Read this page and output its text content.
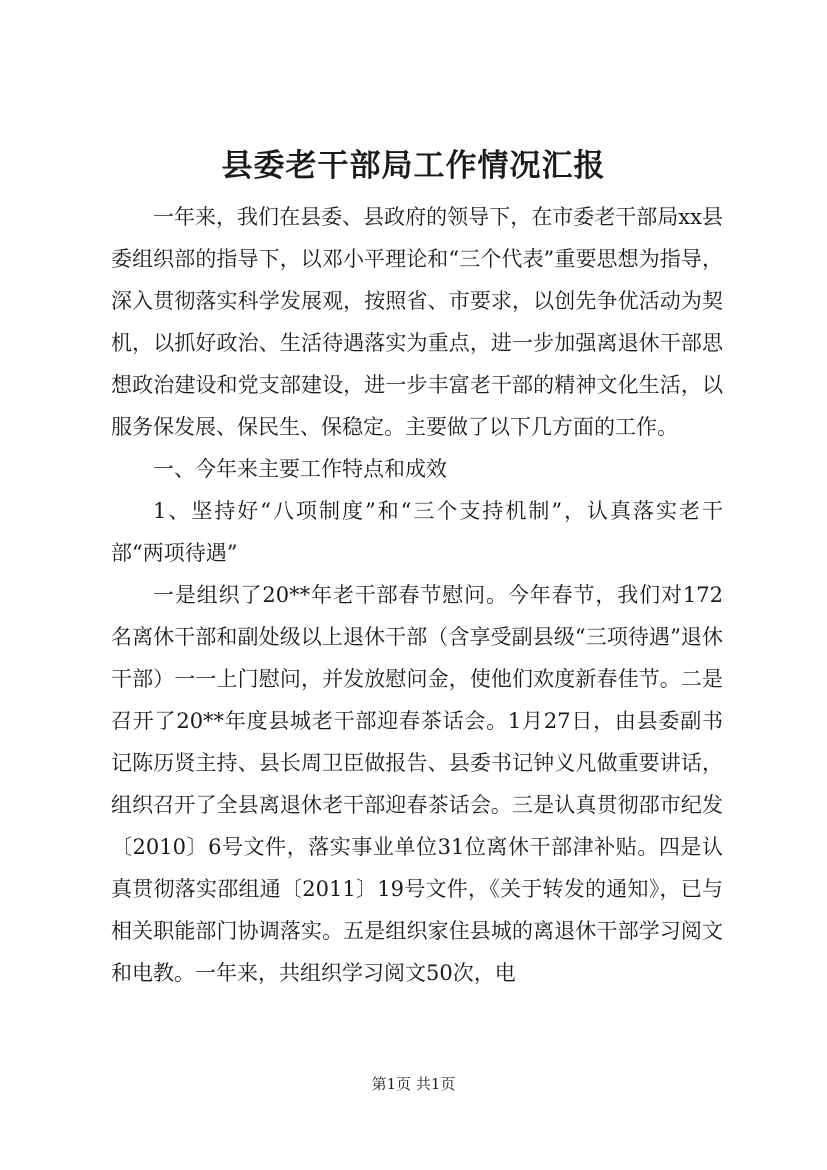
县委老干部局工作情况汇报

一年来，我们在县委、县政府的领导下，在市委老干部局xx县委组织部的指导下，以邓小平理论和“三个代表”重要思想为指导，深入贯彻落实科学发展观，按照省、市要求，以创先争优活动为契机，以抓好政治、生活待遇落实为重点，进一步加强离退休干部思想政治建设和党支部建设，进一步丰富老干部的精神文化生活，以服务保发展、保民生、保稳定。主要做了以下几方面的工作。

一、今年来主要工作特点和成效

1、坚持好“八项制度”和“三个支持机制”，认真落实老干部“两项待遇”

一是组织了20**年老干部春节慰问。今年春节，我们对172名离休干部和副处级以上退休干部（含享受副县级“三项待遇”退休干部）一一上门慰问，并发放慰问金，使他们欢度新春佳节。二是召开了20**年度县城老干部迎春茶话会。1月27日，由县委副书记陈历贤主持、县长周卫臣做报告、县委书记钟义凡做重要讲话，组织召开了全县离退休老干部迎春茶话会。三是认真贯彻邵市纪发〔2010〕6号文件，落实事业单位31位离休干部津补贴。四是认真贯彻落实邵组通〔2011〕19号文件，《关于转发的通知》，已与相关职能部门协调落实。五是组织家住县城的离退休干部学习阅文和电教。一年来，共组织学习阅文50次，电

第1页 共1页
